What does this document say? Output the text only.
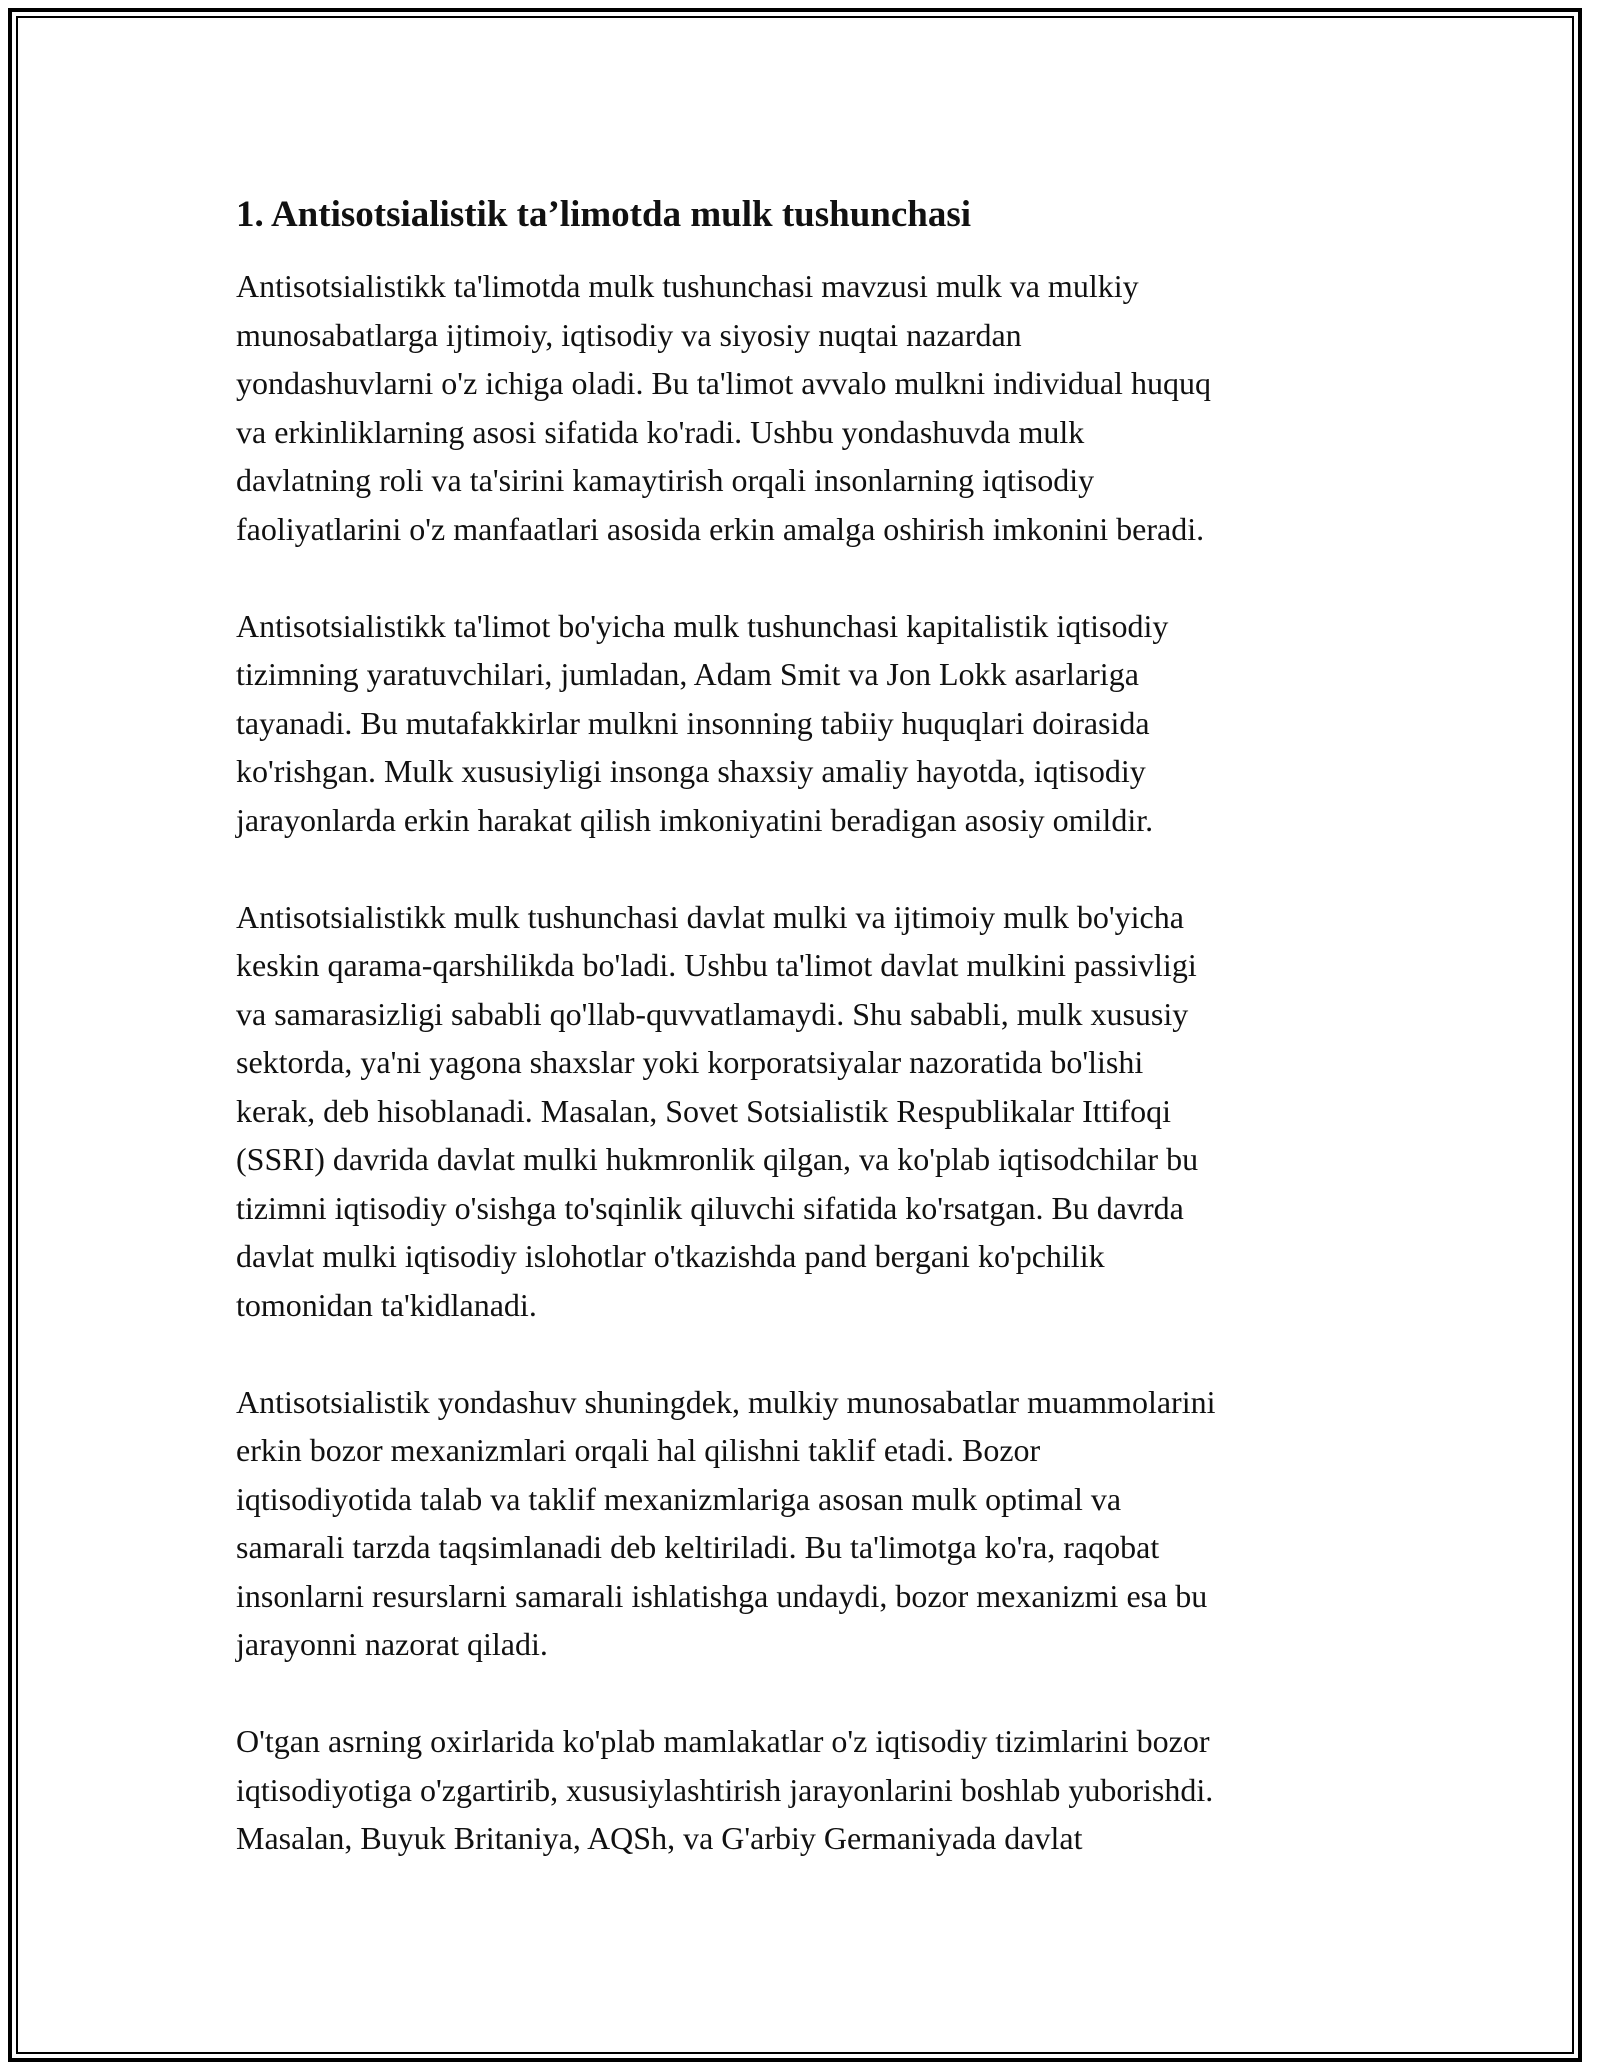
1. Antisotsialistik ta’limotda mulk tushunchasi

Antisotsialistikk ta'limotda mulk tushunchasi mavzusi mulk va mulkiy
munosabatlarga ijtimoiy, iqtisodiy va siyosiy nuqtai nazardan
yondashuvlarni o'z ichiga oladi. Bu ta'limot avvalo mulkni individual huquq
va erkinliklarning asosi sifatida ko'radi. Ushbu yondashuvda mulk
davlatning roli va ta'sirini kamaytirish orqali insonlarning iqtisodiy
faoliyatlarini o'z manfaatlari asosida erkin amalga oshirish imkonini beradi.

Antisotsialistikk ta'limot bo'yicha mulk tushunchasi kapitalistik iqtisodiy
tizimning yaratuvchilari, jumladan, Adam Smit va Jon Lokk asarlariga
tayanadi. Bu mutafakkirlar mulkni insonning tabiiy huquqlari doirasida
ko'rishgan. Mulk xususiyligi insonga shaxsiy amaliy hayotda, iqtisodiy
jarayonlarda erkin harakat qilish imkoniyatini beradigan asosiy omildir.

Antisotsialistikk mulk tushunchasi davlat mulki va ijtimoiy mulk bo'yicha
keskin qarama-qarshilikda bo'ladi. Ushbu ta'limot davlat mulkini passivligi
va samarasizligi sababli qo'llab-quvvatlamaydi. Shu sababli, mulk xususiy
sektorda, ya'ni yagona shaxslar yoki korporatsiyalar nazoratida bo'lishi
kerak, deb hisoblanadi. Masalan, Sovet Sotsialistik Respublikalar Ittifoqi
(SSRI) davrida davlat mulki hukmronlik qilgan, va ko'plab iqtisodchilar bu
tizimni iqtisodiy o'sishga to'sqinlik qiluvchi sifatida ko'rsatgan. Bu davrda
davlat mulki iqtisodiy islohotlar o'tkazishda pand bergani ko'pchilik
tomonidan ta'kidlanadi.

Antisotsialistik yondashuv shuningdek, mulkiy munosabatlar muammolarini
erkin bozor mexanizmlari orqali hal qilishni taklif etadi. Bozor
iqtisodiyotida talab va taklif mexanizmlariga asosan mulk optimal va
samarali tarzda taqsimlanadi deb keltiriladi. Bu ta'limotga ko'ra, raqobat
insonlarni resurslarni samarali ishlatishga undaydi, bozor mexanizmi esa bu
jarayonni nazorat qiladi.

O'tgan asrning oxirlarida ko'plab mamlakatlar o'z iqtisodiy tizimlarini bozor
iqtisodiyotiga o'zgartirib, xususiylashtirish jarayonlarini boshlab yuborishdi.
Masalan, Buyuk Britaniya, AQSh, va G'arbiy Germaniyada davlat
